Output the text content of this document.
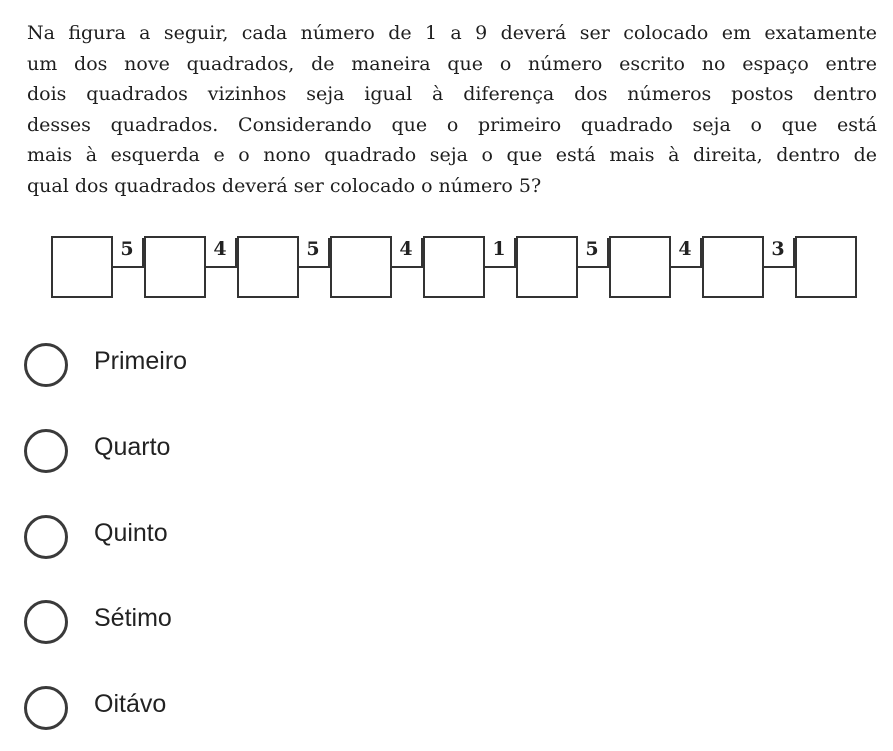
Na figura a seguir, cada número de 1 a 9 deverá ser colocado em exatamente
um dos nove quadrados, de maneira que o número escrito no espaço entre
dois quadrados vizinhos seja igual à diferença dos números postos dentro
desses quadrados. Considerando que o primeiro quadrado seja o que está
mais à esquerda e o nono quadrado seja o que está mais à direita, dentro de
qual dos quadrados deverá ser colocado o número 5?
5	4	5	4	1	5	4	3
Primeiro
Quarto
Quinto
Sétimo
Oitávo
